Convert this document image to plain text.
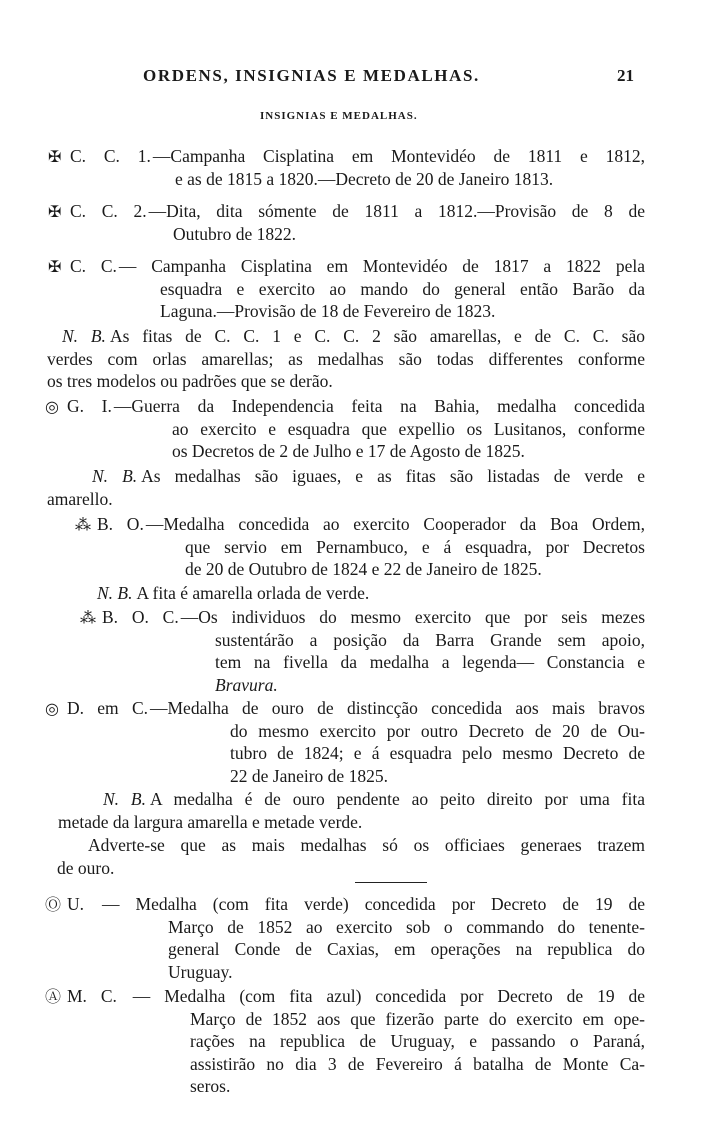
ORDENS, INSIGNIAS E MEDALHAS.	21
INSIGNIAS E MEDALHAS.
✠ C. C. 1. —Campanha Cisplatina em Montevidéo de 1811 e 1812,
e as de 1815 a 1820.—Decreto de 20 de Janeiro 1813.
✠ C. C. 2. —Dita, dita sómente de 1811 a 1812.—Provisão de 8 de
Outubro de 1822.
✠ C. C. — Campanha Cisplatina em Montevidéo de 1817 a 1822 pela
esquadra e exercito ao mando do general então Barão da
Laguna.—Provisão de 18 de Fevereiro de 1823.
N. B. As fitas de C. C. 1 e C. C. 2 são amarellas, e de C. C. são
verdes com orlas amarellas; as medalhas são todas differentes conforme
os tres modelos ou padrões que se derão.
◎ G. I. —Guerra da Independencia feita na Bahia, medalha concedida
ao exercito e esquadra que expellio os Lusitanos, conforme
os Decretos de 2 de Julho e 17 de Agosto de 1825.
N. B. As medalhas são iguaes, e as fitas são listadas de verde e
amarello.
⁂ B. O. —Medalha concedida ao exercito Cooperador da Boa Ordem,
que servio em Pernambuco, e á esquadra, por Decretos
de 20 de Outubro de 1824 e 22 de Janeiro de 1825.
N. B. A fita é amarella orlada de verde.
⁂ B. O. C. —Os individuos do mesmo exercito que por seis mezes
sustentárão a posição da Barra Grande sem apoio,
tem na fivella da medalha a legenda— Constancia e
Bravura.
◎ D. em C. —Medalha de ouro de distincção concedida aos mais bravos
do mesmo exercito por outro Decreto de 20 de Ou-
tubro de 1824; e á esquadra pelo mesmo Decreto de
22 de Janeiro de 1825.
N. B. A medalha é de ouro pendente ao peito direito por uma fita
metade da largura amarella e metade verde.
Adverte-se que as mais medalhas só os officiaes generaes trazem
de ouro.
Ⓞ U. — Medalha (com fita verde) concedida por Decreto de 19 de
Março de 1852 ao exercito sob o commando do tenente-
general Conde de Caxias, em operações na republica do
Uruguay.
Ⓐ M. C. — Medalha (com fita azul) concedida por Decreto de 19 de
Março de 1852 aos que fizerão parte do exercito em ope-
rações na republica de Uruguay, e passando o Paraná,
assistirão no dia 3 de Fevereiro á batalha de Monte Ca-
seros.
